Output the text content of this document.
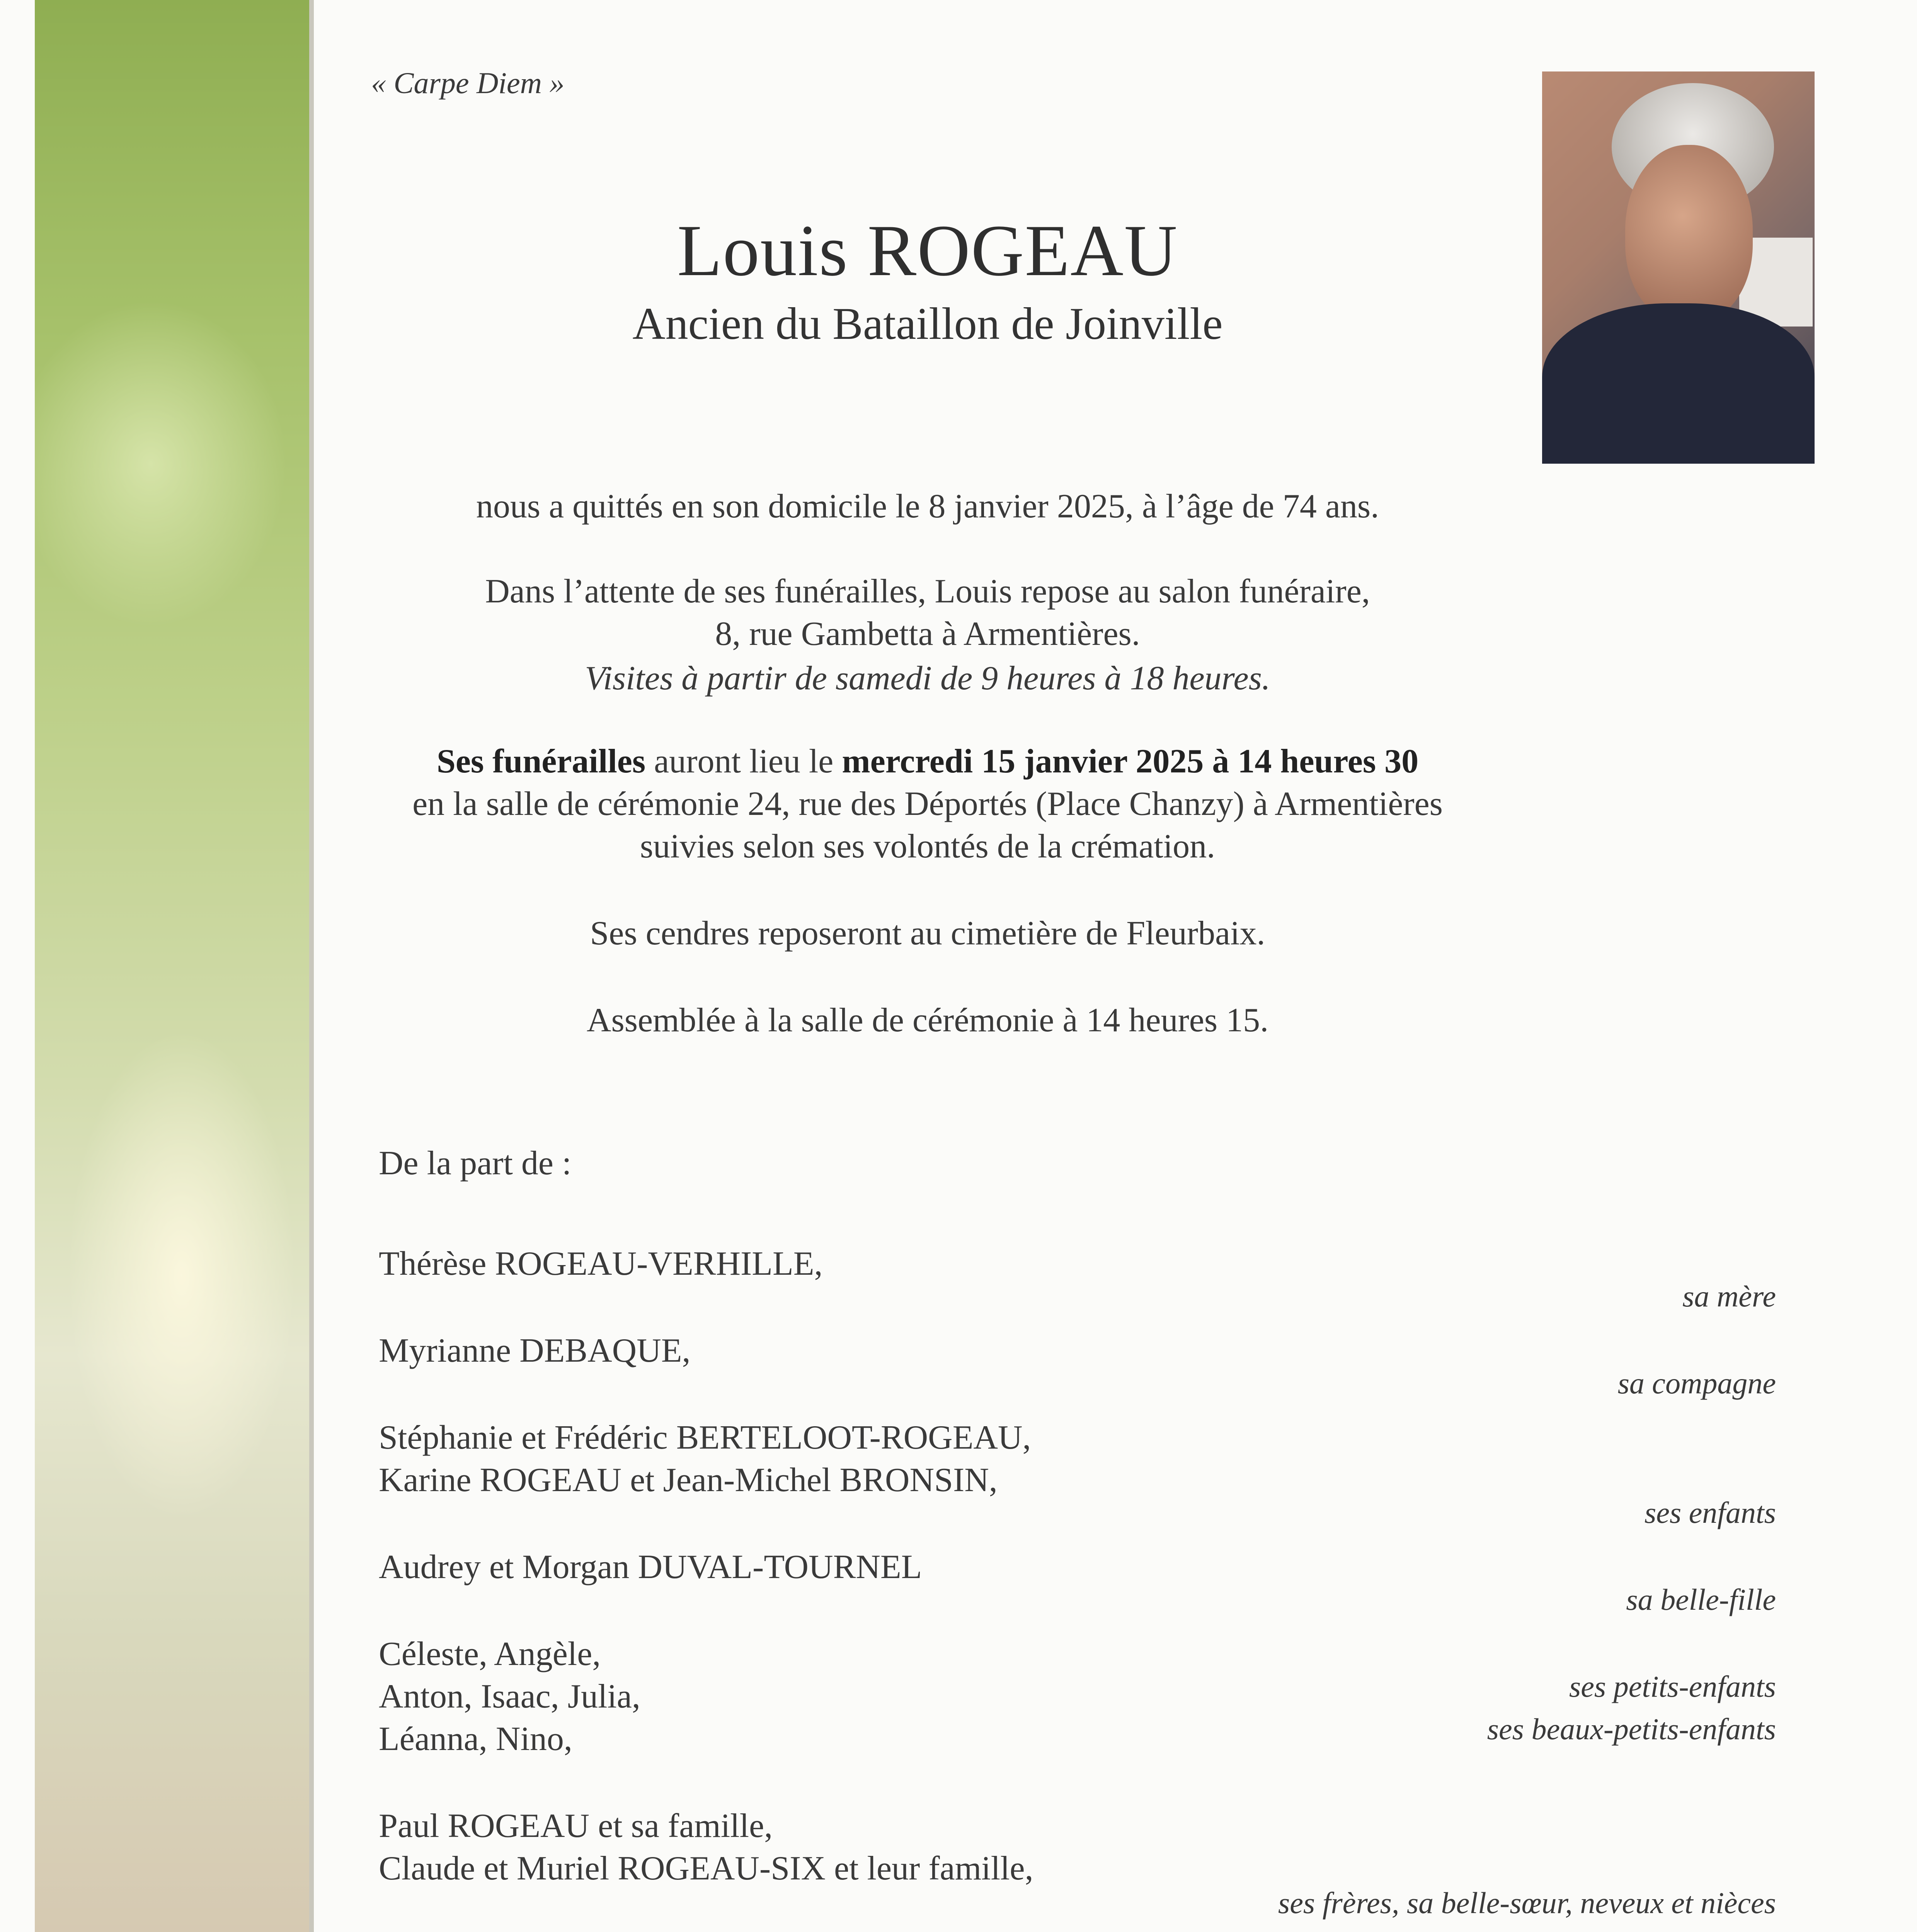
« Carpe Diem »

Louis ROGEAU

Ancien du Bataillon de Joinville

nous a quittés en son domicile le 8 janvier 2025, à l’âge de 74 ans.

Dans l’attente de ses funérailles, Louis repose au salon funéraire,

8, rue Gambetta à Armentières.

Visites à partir de samedi de 9 heures à 18 heures.

Ses funérailles auront lieu le mercredi 15 janvier 2025 à 14 heures 30

en la salle de cérémonie 24, rue des Déportés (Place Chanzy) à Armentières

suivies selon ses volontés de la crémation.

Ses cendres reposeront au cimetière de Fleurbaix.

Assemblée à la salle de cérémonie à 14 heures 15.

De la part de :

Thérèse ROGEAU-VERHILLE,

Myrianne DEBAQUE,

Stéphanie et Frédéric BERTELOOT-ROGEAU,

Karine ROGEAU et Jean-Michel BRONSIN,

Audrey et Morgan DUVAL-TOURNEL

Céleste, Angèle,

Anton, Isaac, Julia,

Léanna, Nino,

Paul ROGEAU et sa famille,

Claude et Muriel ROGEAU-SIX et leur famille,

sa mère

sa compagne

ses enfants

sa belle-fille

ses petits-enfants

ses beaux-petits-enfants

ses frères, sa belle-sœur, neveux et nièces
